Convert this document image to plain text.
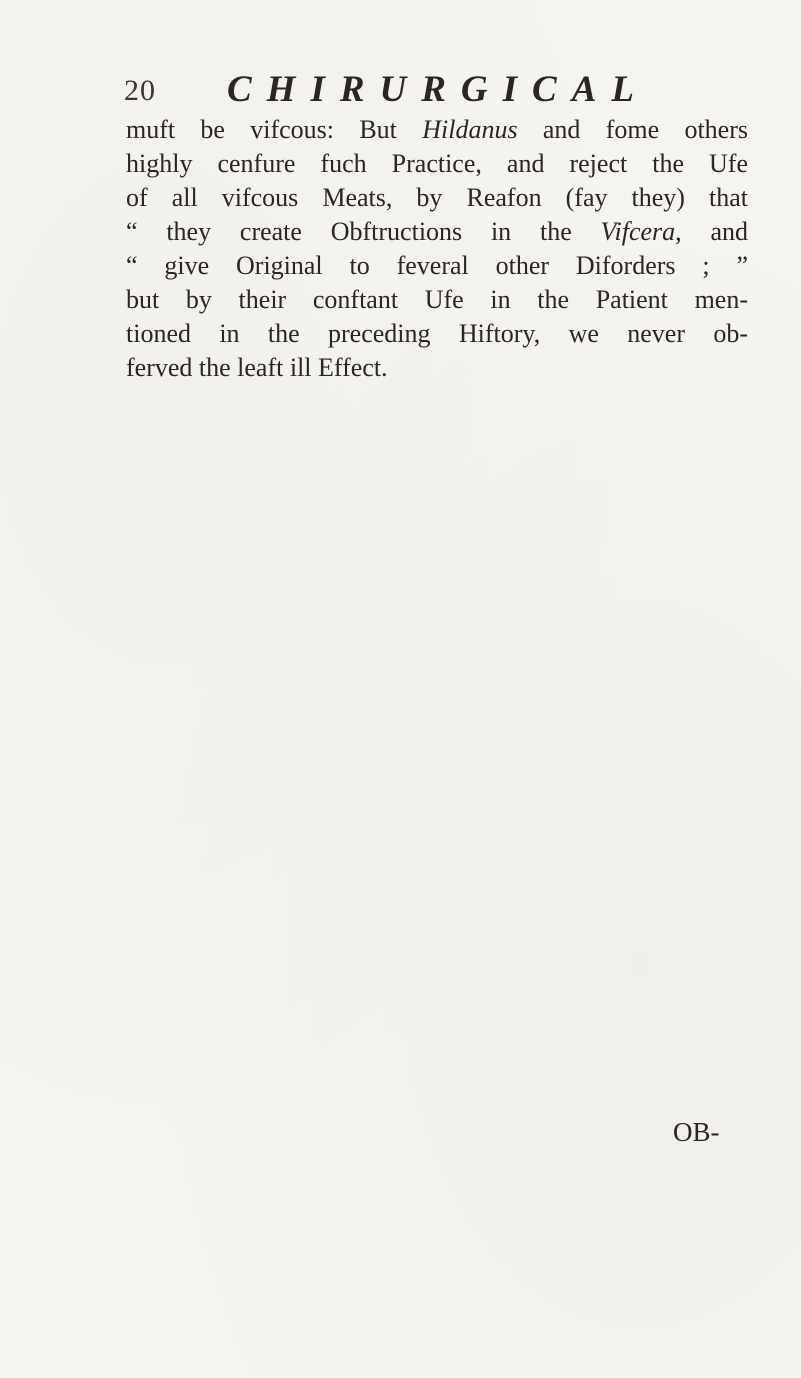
20 CHIRURGICAL
muft be vifcous: But Hildanus and fome others
highly cenfure fuch Practice, and reject the Ufe
of all vifcous Meats, by Reafon (fay they) that
“ they create Obftructions in the Vifcera, and
“ give Original to feveral other Diforders ; ”
but by their conftant Ufe in the Patient men-
tioned in the preceding Hiftory, we never ob-
ferved the leaft ill Effect.
OB-
